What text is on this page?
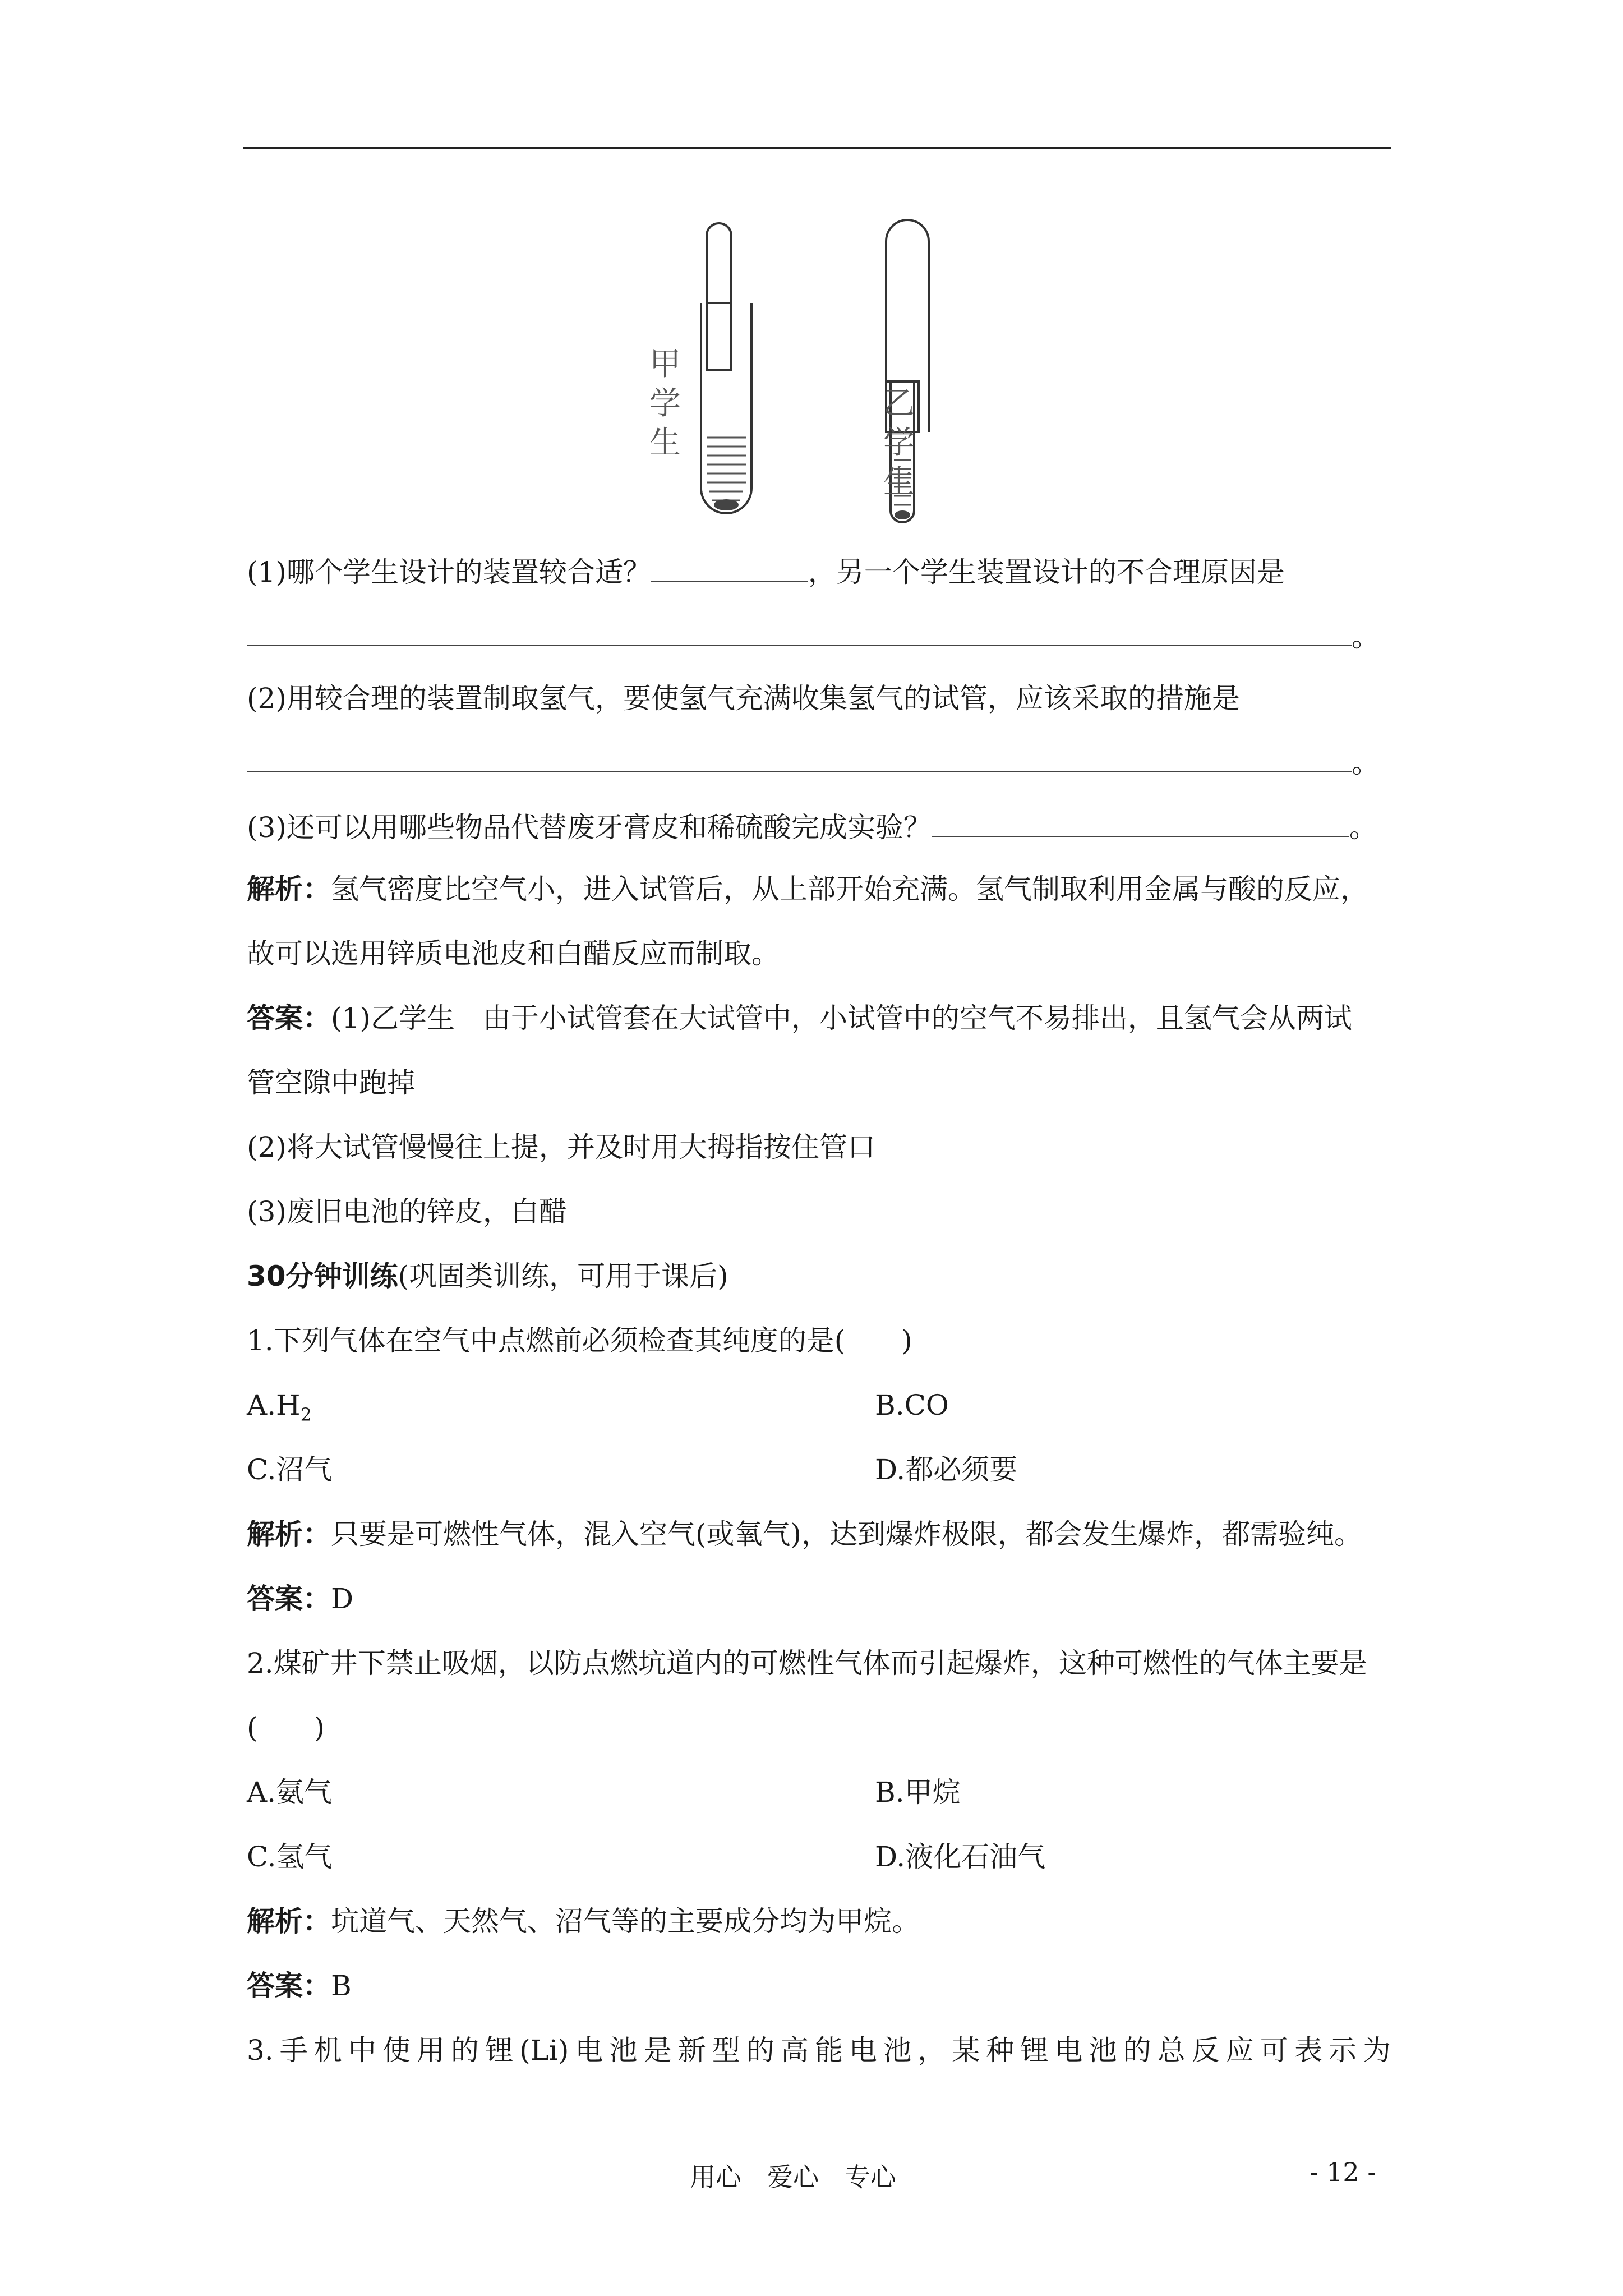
甲学生
乙学生
(1)哪个学生设计的装置较合适？	，另一个学生装置设计的不合理原因是
。
(2)用较合理的装置制取氢气，要使氢气充满收集氢气的试管，应该采取的措施是
。
(3)还可以用哪些物品代替废牙膏皮和稀硫酸完成实验？	。
解析：氢气密度比空气小，进入试管后，从上部开始充满。氢气制取利用金属与酸的反应，
故可以选用锌质电池皮和白醋反应而制取。
答案：(1)乙学生　由于小试管套在大试管中，小试管中的空气不易排出，且氢气会从两试
管空隙中跑掉
(2)将大试管慢慢往上提，并及时用大拇指按住管口
(3)废旧电池的锌皮，白醋
30分钟训练(巩固类训练，可用于课后)
1.下列气体在空气中点燃前必须检查其纯度的是(　　)
$A.H_2$	B.CO
C.沼气	D.都必须要
解析：只要是可燃性气体，混入空气(或氧气)，达到爆炸极限，都会发生爆炸，都需验纯。
答案：D
2.煤矿井下禁止吸烟，以防点燃坑道内的可燃性气体而引起爆炸，这种可燃性的气体主要是
(　　)
A.氨气	B.甲烷
C.氢气	D.液化石油气
解析：坑道气、天然气、沼气等的主要成分均为甲烷。
答案：B
3.手机中使用的锂(Li)电池是新型的高能电池，某种锂电池的总反应可表示为
用心　爱心　专心	- 12 -
